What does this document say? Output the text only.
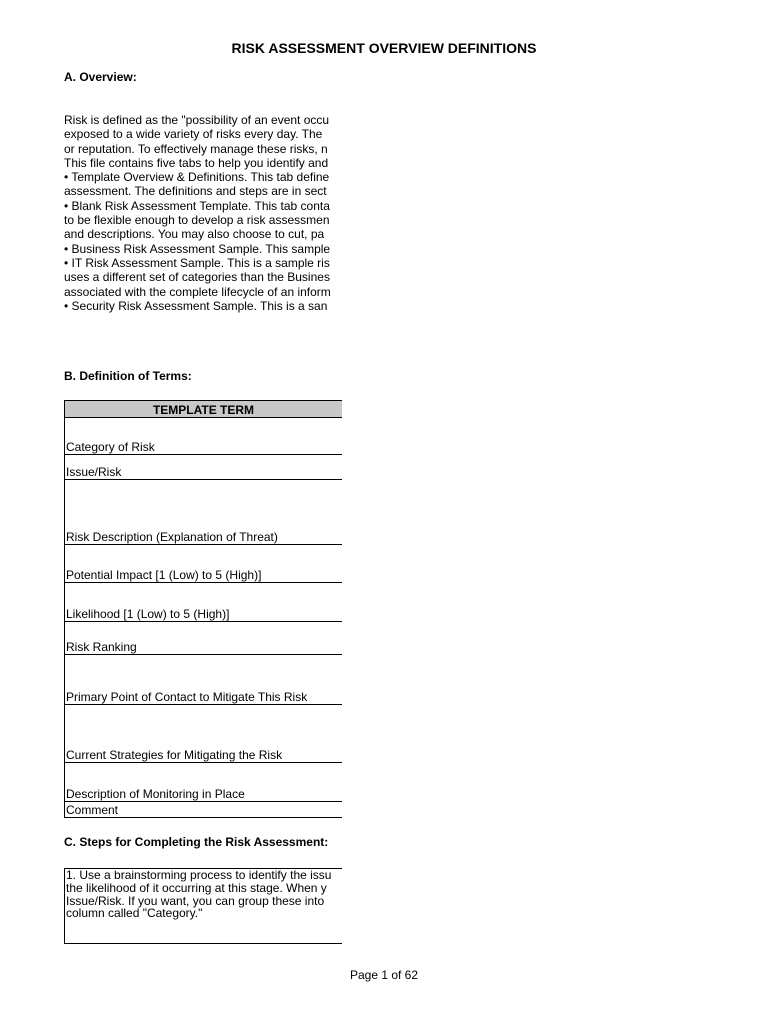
RISK ASSESSMENT OVERVIEW DEFINITIONS
A. Overview:
Risk is defined as the "possibility of an event occu
exposed to a wide variety of risks every day. The
or reputation. To effectively manage these risks, n
This file contains five tabs to help you identify and
• Template Overview & Definitions. This tab define
assessment. The definitions and steps are in sect
• Blank Risk Assessment Template. This tab conta
to be flexible enough to develop a risk assessmen
and descriptions. You may also choose to cut, pa
• Business Risk Assessment Sample. This sample
• IT Risk Assessment Sample. This is a sample ris
uses a different set of categories than the Busines
associated with the complete lifecycle of an inform
• Security Risk Assessment Sample. This is a san
B. Definition of Terms:
TEMPLATE TERM
Category of Risk
Issue/Risk
Risk Description (Explanation of Threat)
Potential Impact [1 (Low) to 5 (High)]
Likelihood [1 (Low) to 5 (High)]
Risk Ranking
Primary Point of Contact to Mitigate This Risk
Current Strategies for Mitigating the Risk
Description of Monitoring in Place
Comment
C. Steps for Completing the Risk Assessment:
1. Use a brainstorming process to identify the issu
the likelihood of it occurring at this stage. When y
Issue/Risk. If you want, you can group these into
column called "Category."
Page 1 of 62
